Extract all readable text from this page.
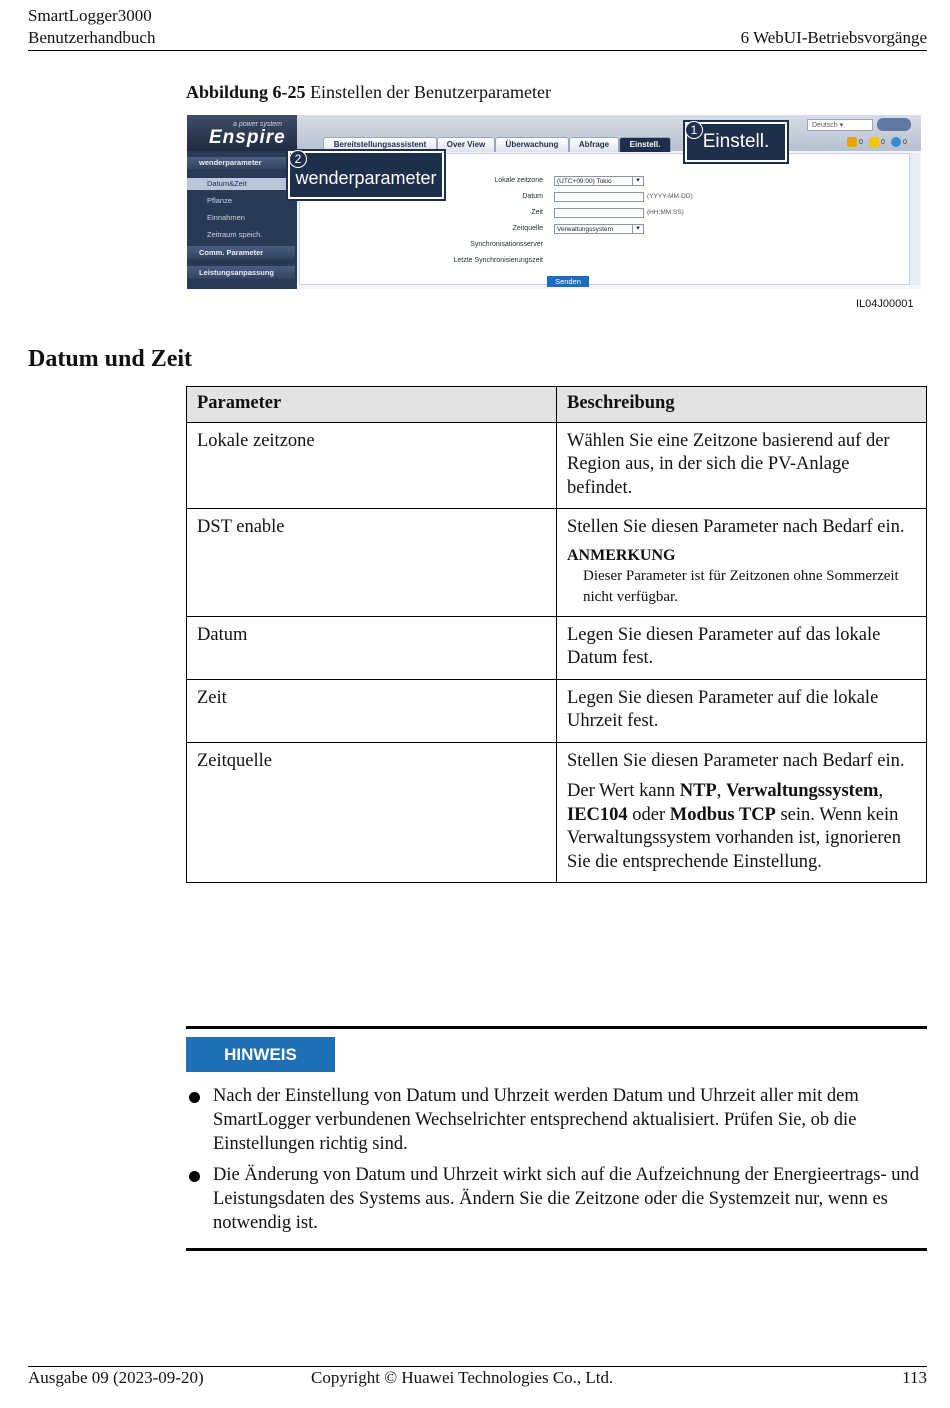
SmartLogger3000
Benutzerhandbuch	6 WebUI-Betriebsvorgänge
Abbildung 6-25 Einstellen der Benutzerparameter
a power system
Enspire	Bereitstellungsassistent	Over View	Überwachung	Abfrage	Einstell.
Deutsch ▾
0	0	0
wenderparameter
Datum&Zeit
Pflanze
Einnahmen
Zeitraum speich.
Comm. Parameter
Leistungsanpassung
Lokale zeitzone	(UTC+09:00) Tokio	▾
Datum	(YYYY-MM-DD)
Zeit	(HH:MM:SS)
Zeitquelle	Verwaltungssystem	▾
Synchronisationsserver
Letzte Synchronisierungszeit
Senden
Einstell.
1
wenderparameter
2
IL04J00001
Datum und Zeit
Parameter	Beschreibung
Lokale zeitzone	Wählen Sie eine Zeitzone basierend auf der Region aus, in der sich die PV-Anlage befindet.
DST enable	Stellen Sie diesen Parameter nach Bedarf ein.

ANMERKUNG

Dieser Parameter ist für Zeitzonen ohne Sommerzeit nicht verfügbar.

Datum	Legen Sie diesen Parameter auf das lokale Datum fest.
Zeit	Legen Sie diesen Parameter auf die lokale Uhrzeit fest.
Zeitquelle	Stellen Sie diesen Parameter nach Bedarf ein.

Der Wert kann NTP, Verwaltungssystem, IEC104 oder Modbus TCP sein. Wenn kein Verwaltungssystem vorhanden ist, ignorieren Sie die entsprechende Einstellung.

HINWEIS
Nach der Einstellung von Datum und Uhrzeit werden Datum und Uhrzeit aller mit dem SmartLogger verbundenen Wechselrichter entsprechend aktualisiert. Prüfen Sie, ob die Einstellungen richtig sind.
Die Änderung von Datum und Uhrzeit wirkt sich auf die Aufzeichnung der Energieertrags- und Leistungsdaten des Systems aus. Ändern Sie die Zeitzone oder die Systemzeit nur, wenn es notwendig ist.
Ausgabe 09 (2023-09-20)	Copyright © Huawei Technologies Co., Ltd.	113
